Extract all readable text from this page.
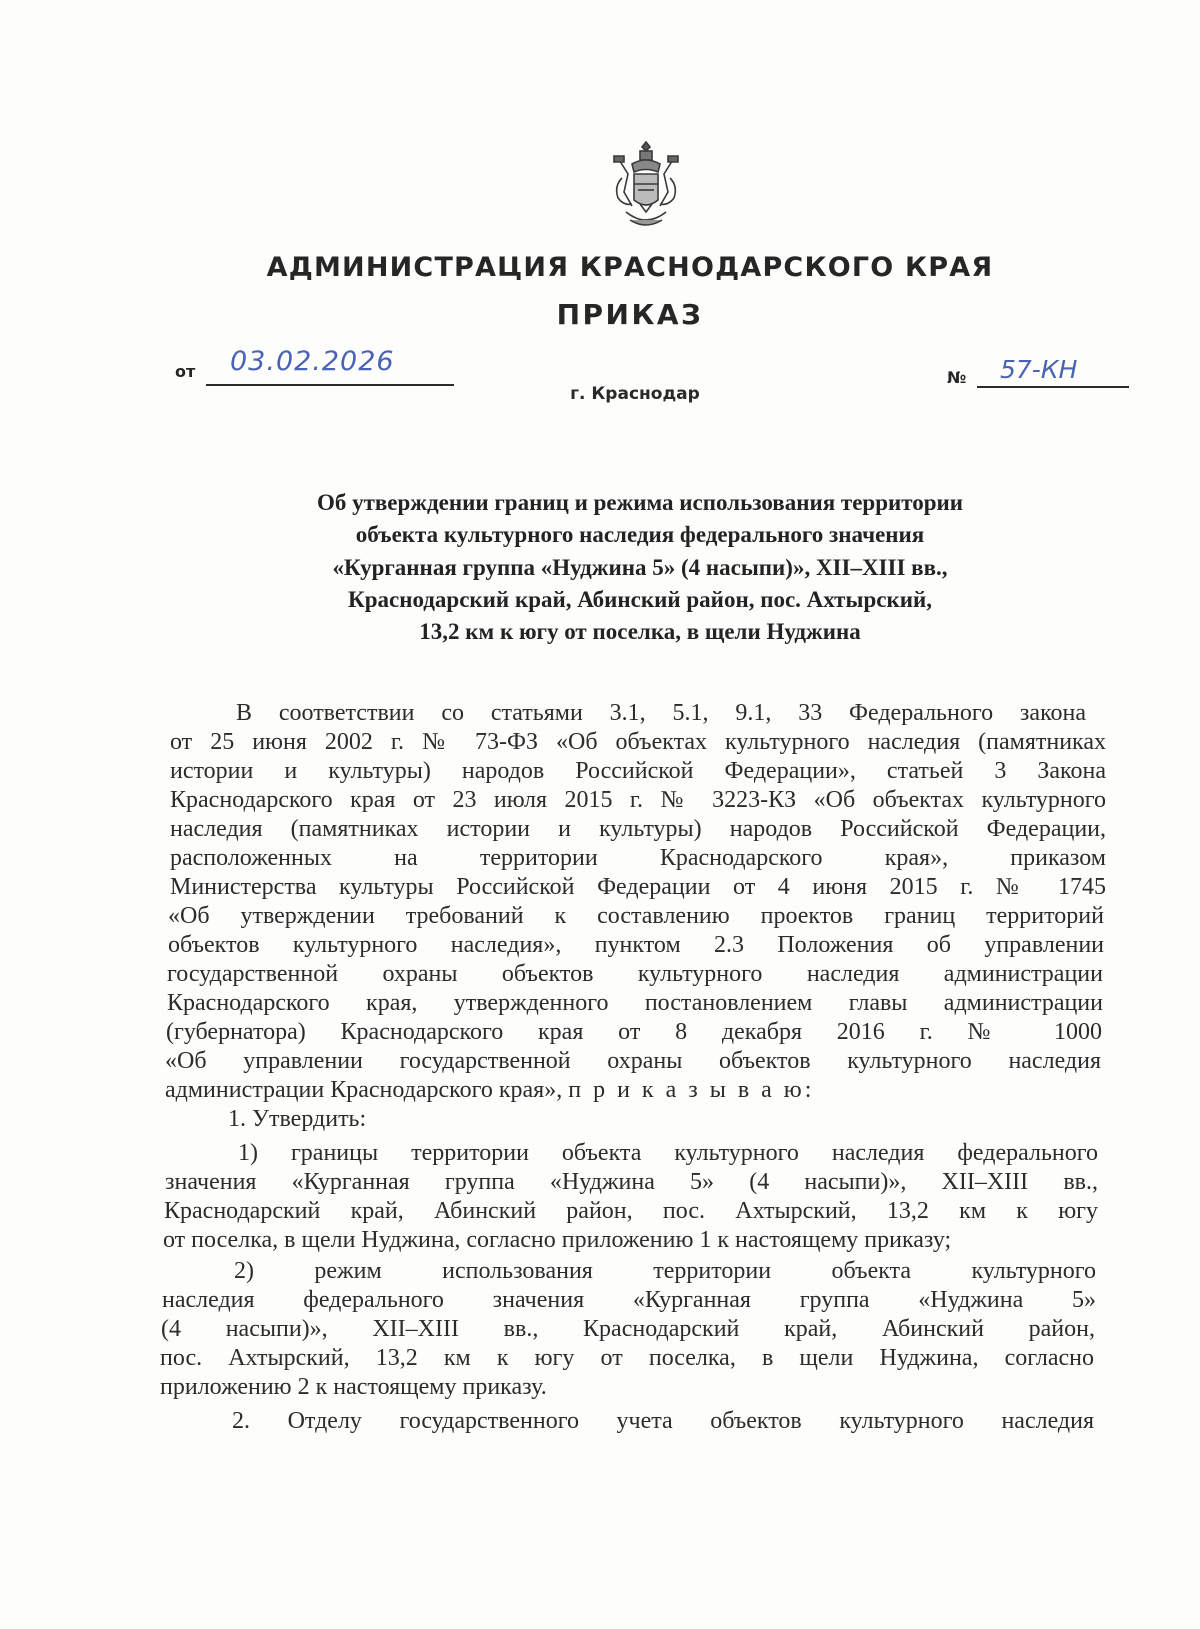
АДМИНИСТРАЦИЯ КРАСНОДАРСКОГО КРАЯ
ПРИКАЗ
от 03.02.2026
г. Краснодар
№ 57-КН
Об утверждении границ и режима использования территории
объекта культурного наследия федерального значения
«Курганная группа «Нуджина 5» (4 насыпи)», XII–XIII вв.,
Краснодарский край, Абинский район, пос. Ахтырский,
13,2 км к югу от поселка, в щели Нуджина
В соответствии со статьями 3.1, 5.1, 9.1, 33 Федерального закона
от 25 июня 2002 г. № 73-ФЗ «Об объектах культурного наследия (памятниках
истории и культуры) народов Российской Федерации», статьей 3 Закона
Краснодарского края от 23 июля 2015 г. № 3223-КЗ «Об объектах культурного
наследия (памятниках истории и культуры) народов Российской Федерации,
расположенных на территории Краснодарского края», приказом
Министерства культуры Российской Федерации от 4 июня 2015 г. № 1745
«Об утверждении требований к составлению проектов границ территорий
объектов культурного наследия», пунктом 2.3 Положения об управлении
государственной охраны объектов культурного наследия администрации
Краснодарского края, утвержденного постановлением главы администрации
(губернатора) Краснодарского края от 8 декабря 2016 г. № 1000
«Об управлении государственной охраны объектов культурного наследия
администрации Краснодарского края», п р и к а з ы в а ю:
1. Утвердить:
1) границы территории объекта культурного наследия федерального
значения «Курганная группа «Нуджина 5» (4 насыпи)», XII–XIII вв.,
Краснодарский край, Абинский район, пос. Ахтырский, 13,2 км к югу
от поселка, в щели Нуджина, согласно приложению 1 к настоящему приказу;
2) режим использования территории объекта культурного
наследия федерального значения «Курганная группа «Нуджина 5»
(4 насыпи)», XII–XIII вв., Краснодарский край, Абинский район,
пос. Ахтырский, 13,2 км к югу от поселка, в щели Нуджина, согласно
приложению 2 к настоящему приказу.
2. Отделу государственного учета объектов культурного наследия
